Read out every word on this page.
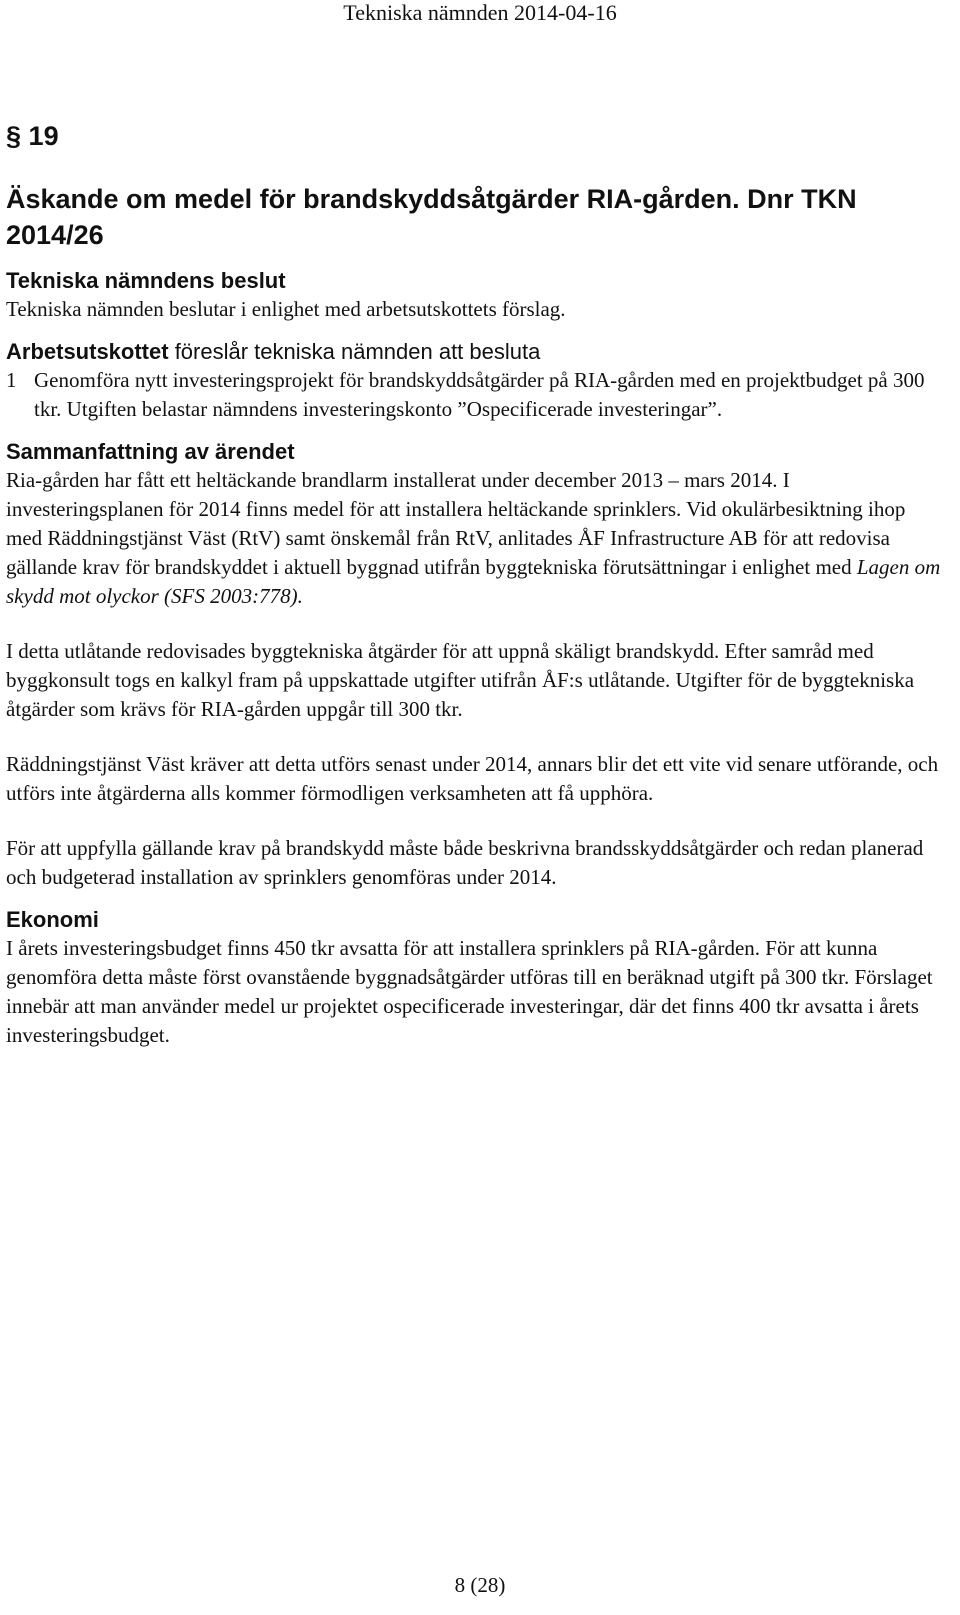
Tekniska nämnden 2014-04-16

§ 19

Äskande om medel för brandskyddsåtgärder RIA-gården. Dnr TKN 2014/26
Tekniska nämndens beslut

Tekniska nämnden beslutar i enlighet med arbetsutskottets förslag.

Arbetsutskottet föreslår tekniska nämnden att besluta

1 Genomföra nytt investeringsprojekt för brandskyddsåtgärder på RIA-gården med en projektbudget på 300 tkr. Utgiften belastar nämndens investeringskonto ”Ospecificerade investeringar”.
Sammanfattning av ärendet

Ria-gården har fått ett heltäckande brandlarm installerat under december 2013 – mars 2014. I investeringsplanen för 2014 finns medel för att installera heltäckande sprinklers. Vid okulärbesiktning ihop med Räddningstjänst Väst (RtV) samt önskemål från RtV, anlitades ÅF Infrastructure AB för att redovisa gällande krav för brandskyddet i aktuell byggnad utifrån byggtekniska förutsättningar i enlighet med Lagen om skydd mot olyckor (SFS 2003:778).

I detta utlåtande redovisades byggtekniska åtgärder för att uppnå skäligt brandskydd. Efter samråd med byggkonsult togs en kalkyl fram på uppskattade utgifter utifrån ÅF:s utlåtande. Utgifter för de byggtekniska åtgärder som krävs för RIA-gården uppgår till 300 tkr.

Räddningstjänst Väst kräver att detta utförs senast under 2014, annars blir det ett vite vid senare utförande, och utförs inte åtgärderna alls kommer förmodligen verksamheten att få upphöra.

För att uppfylla gällande krav på brandskydd måste både beskrivna brandsskyddsåtgärder och redan planerad och budgeterad installation av sprinklers genomföras under 2014.

Ekonomi

I årets investeringsbudget finns 450 tkr avsatta för att installera sprinklers på RIA-gården. För att kunna genomföra detta måste först ovanstående byggnadsåtgärder utföras till en beräknad utgift på 300 tkr. Förslaget innebär att man använder medel ur projektet ospecificerade investeringar, där det finns 400 tkr avsatta i årets investeringsbudget.

8 (28)
